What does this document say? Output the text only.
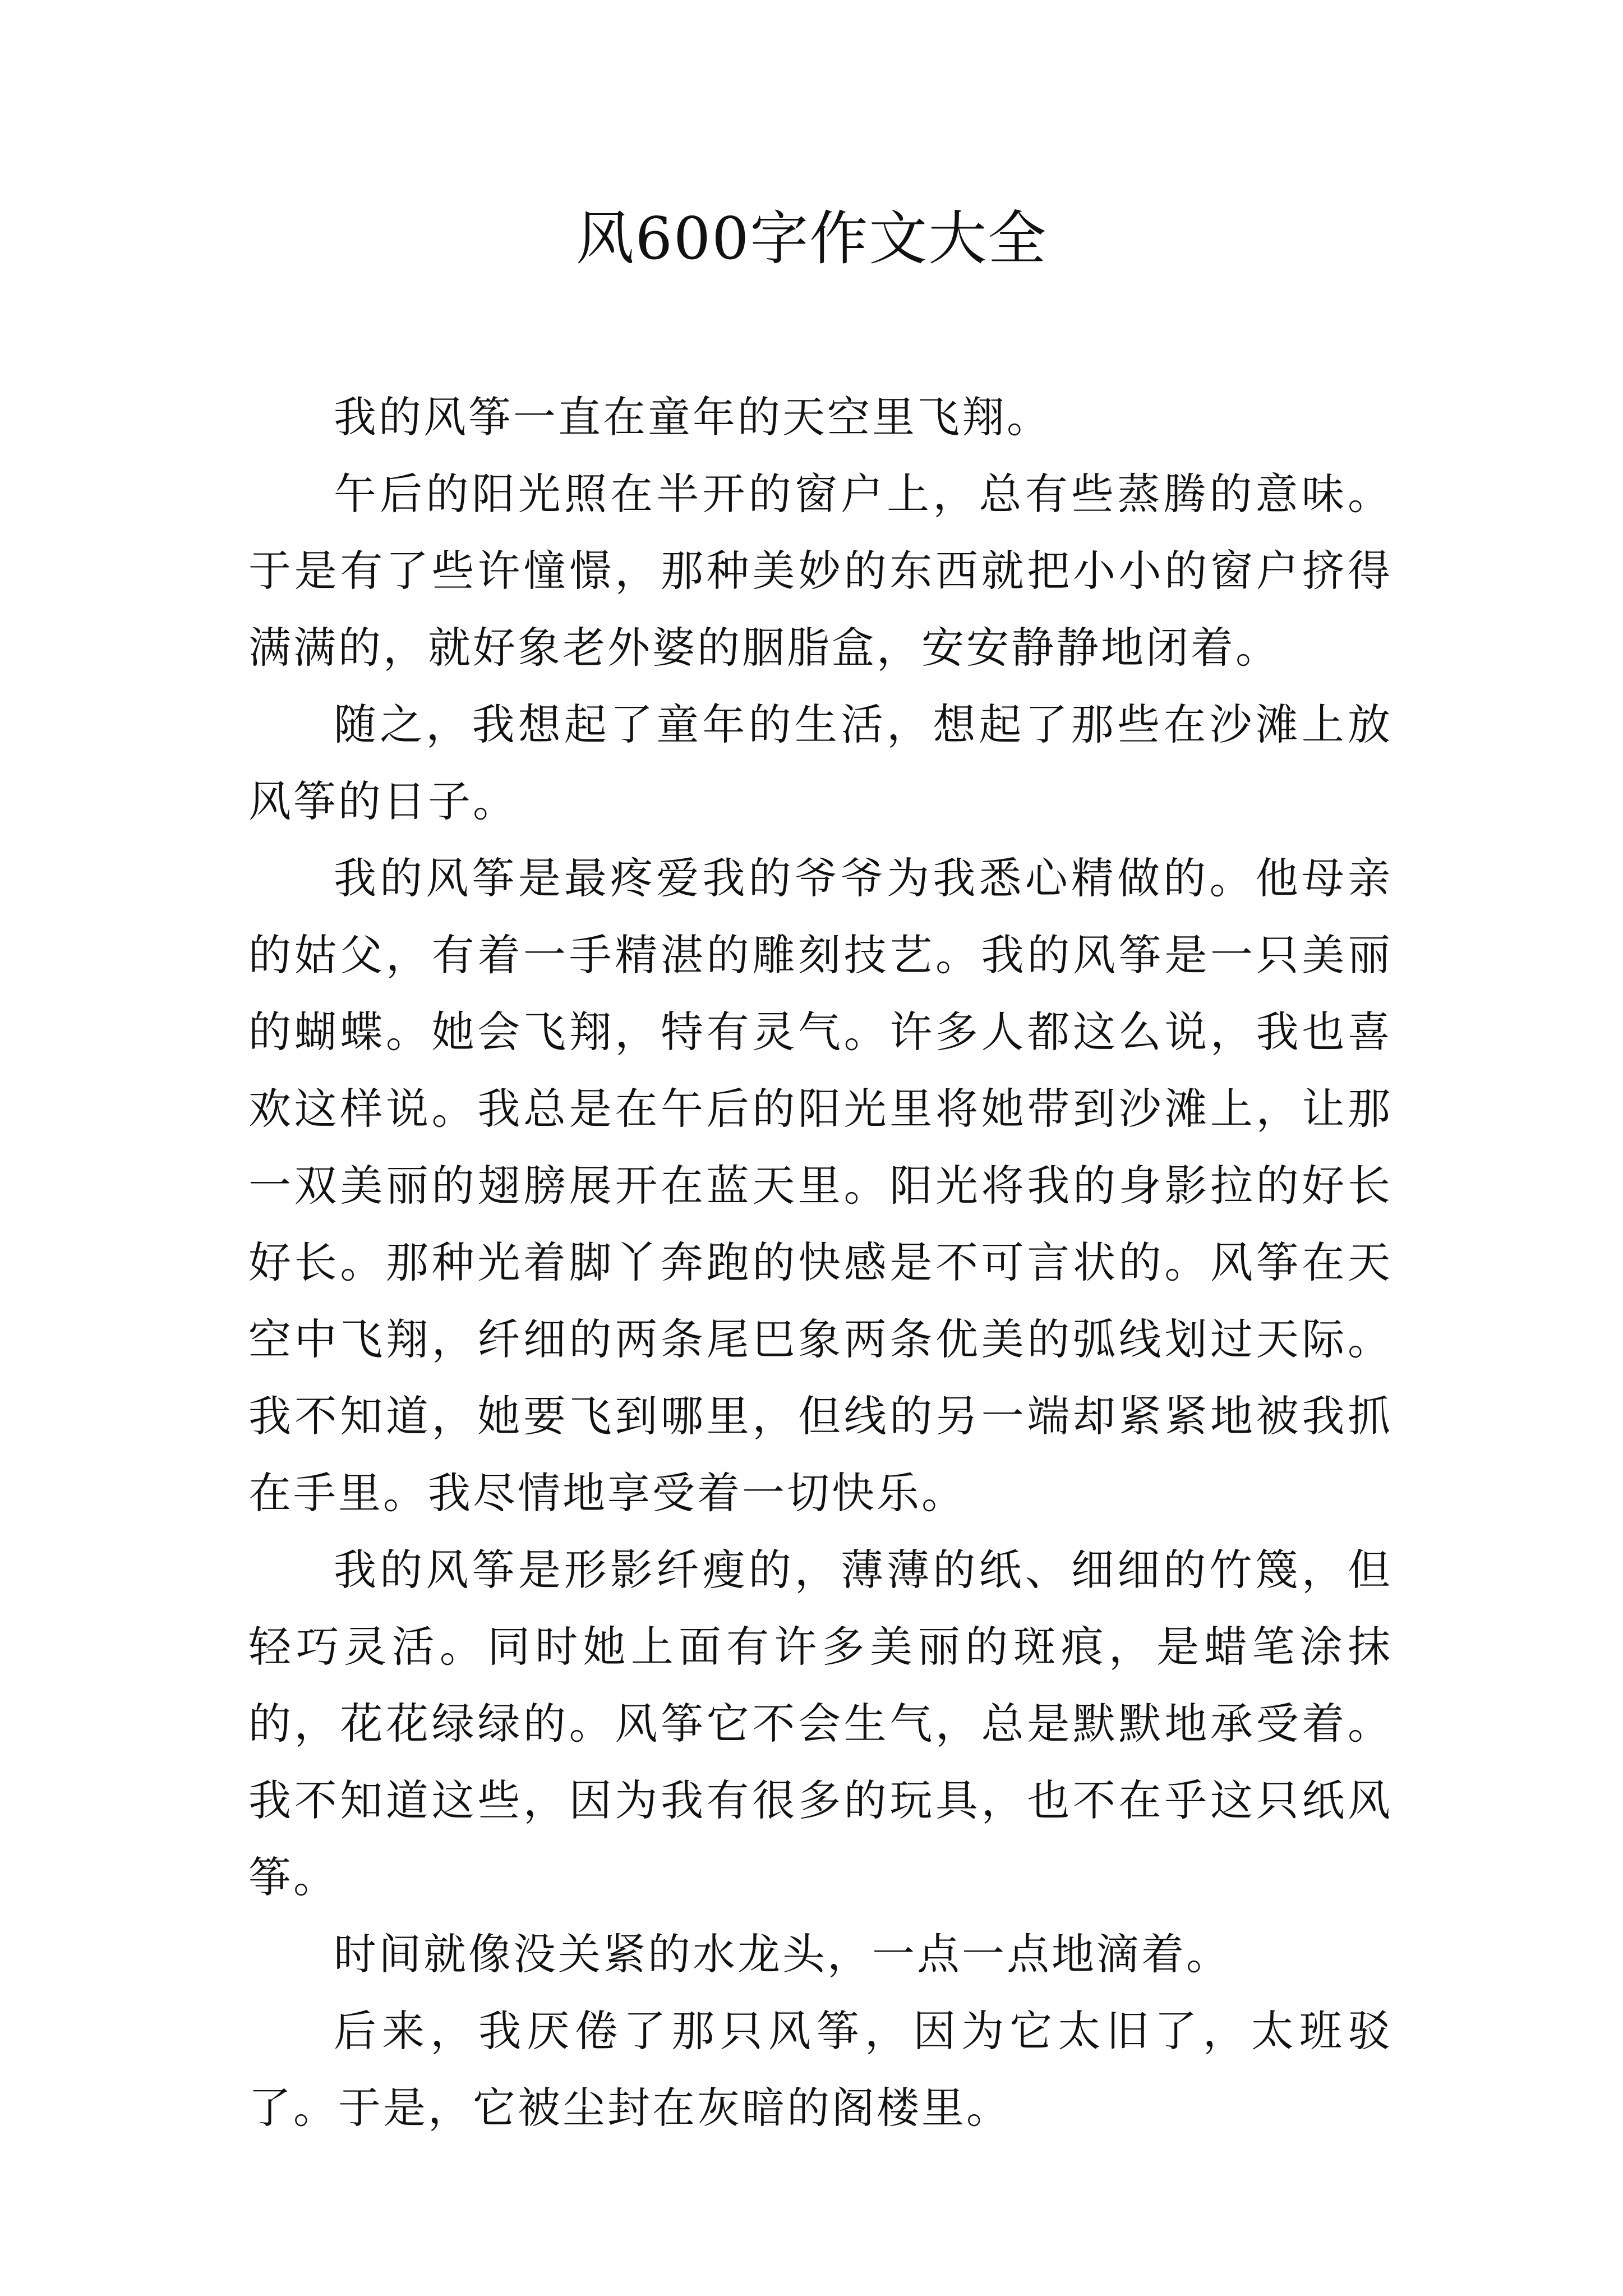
风600字作文大全

我的风筝一直在童年的天空里飞翔。

午后的阳光照在半开的窗户上，总有些蒸腾的意味。于是有了些许憧憬，那种美妙的东西就把小小的窗户挤得满满的，就好象老外婆的胭脂盒，安安静静地闭着。

随之，我想起了童年的生活，想起了那些在沙滩上放风筝的日子。

我的风筝是最疼爱我的爷爷为我悉心精做的。他母亲的姑父，有着一手精湛的雕刻技艺。我的风筝是一只美丽的蝴蝶。她会飞翔，特有灵气。许多人都这么说，我也喜欢这样说。我总是在午后的阳光里将她带到沙滩上，让那一双美丽的翅膀展开在蓝天里。阳光将我的身影拉的好长好长。那种光着脚丫奔跑的快感是不可言状的。风筝在天空中飞翔，纤细的两条尾巴象两条优美的弧线划过天际。我不知道，她要飞到哪里，但线的另一端却紧紧地被我抓在手里。我尽情地享受着一切快乐。

我的风筝是形影纤瘦的，薄薄的纸、细细的竹篾，但轻巧灵活。同时她上面有许多美丽的斑痕，是蜡笔涂抹的，花花绿绿的。风筝它不会生气，总是默默地承受着。我不知道这些，因为我有很多的玩具，也不在乎这只纸风筝。

时间就像没关紧的水龙头，一点一点地滴着。

后来，我厌倦了那只风筝，因为它太旧了，太班驳了。于是，它被尘封在灰暗的阁楼里。
